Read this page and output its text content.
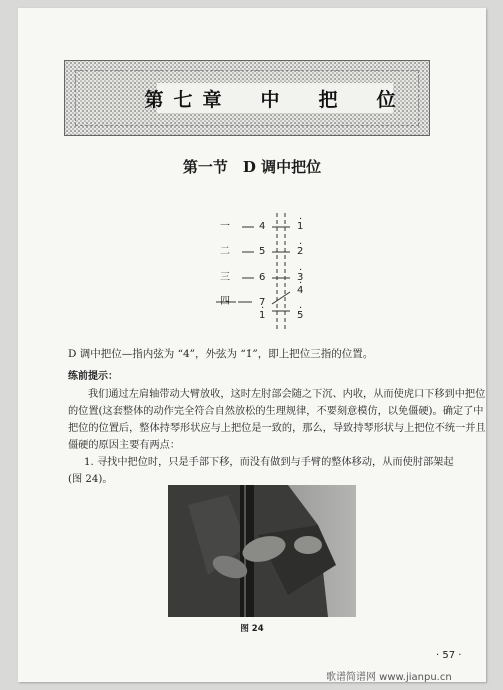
第七章　中　把　位
第一节　D 调中把位
一
二
三
四
4
5
6
7
· 1
· 1
· 2
· 3
· 4
· 5
D 调中把位—指内弦为 “4”，外弦为 “1̇”，即上把位三指的位置。
练前提示：
我们通过左肩轴带动大臂放收，这时左肘部会随之下沉、内收，从而使虎口下移到中把位
的位置(这套整体的动作完全符合自然放松的生理规律，不要刻意模仿，以免僵硬)。确定了中
把位的位置后，整体持琴形状应与上把位是一致的，那么，导致持琴形状与上把位不统一并且
僵硬的原因主要有两点：
1. 寻找中把位时，只是手部下移，而没有做到与手臂的整体移动，从而使肘部架起
(图 24)。
图 24
· 57 ·
歌谱简谱网 www.jianpu.cn
